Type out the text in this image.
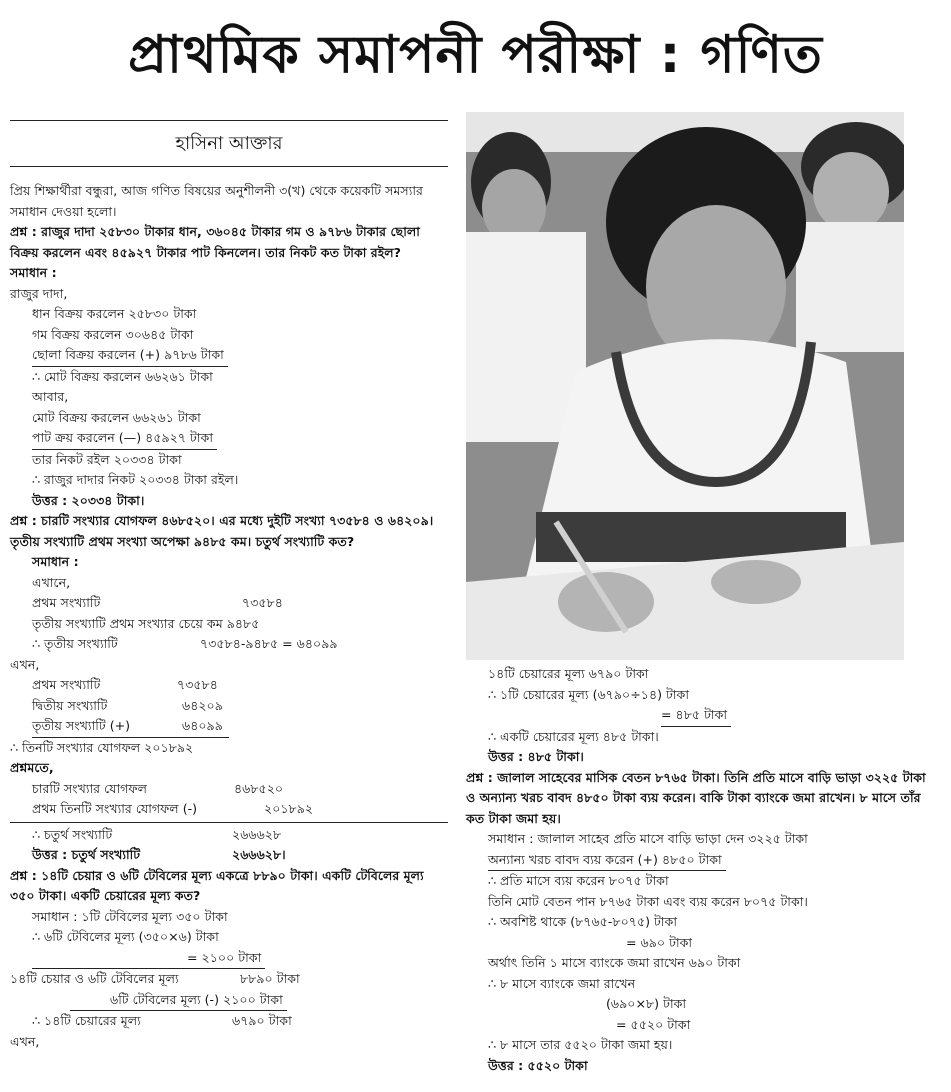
প্রাথমিক সমাপনী পরীক্ষা : গণিত
হাসিনা আক্তার
প্রিয় শিক্ষার্থীরা বন্ধুরা, আজ গণিত বিষয়ের অনুশীলনী ৩(খ) থেকে কয়েকটি সমস্যার সমাধান দেওয়া হলো।
প্রশ্ন : রাজুর দাদা ২৫৮৩০ টাকার ধান, ৩৬০৪৫ টাকার গম ও ৯৭৮৬ টাকার ছোলা বিক্রয় করলেন এবং ৪৫৯২৭ টাকার পাট কিনলেন। তার নিকট কত টাকা রইল?
সমাধান :
রাজুর দাদা,
ধান বিক্রয় করলেন ২৫৮৩০ টাকা
গম বিক্রয় করলেন ৩০৬৪৫ টাকা
ছোলা বিক্রয় করলেন (+) ৯৭৮৬ টাকা
∴ মোট বিক্রয় করলেন ৬৬২৬১ টাকা
আবার,
মোট বিক্রয় করলেন ৬৬২৬১ টাকা
পাট ক্রয় করলেন (—) ৪৫৯২৭ টাকা
তার নিকট রইল ২০৩৩৪ টাকা
∴ রাজুর দাদার নিকট ২০৩৩৪ টাকা রইল।
উত্তর : ২০৩৩৪ টাকা।
প্রশ্ন : চারটি সংখ্যার যোগফল ৪৬৮৫২০। এর মধ্যে দুইটি সংখ্যা ৭৩৫৮৪ ও ৬৪২০৯। তৃতীয় সংখ্যাটি প্রথম সংখ্যা অপেক্ষা ৯৪৮৫ কম। চতুর্থ সংখ্যাটি কত?
সমাধান :
এখানে,
প্রথম সংখ্যাটি	৭৩৫৮৪
তৃতীয় সংখ্যাটি প্রথম সংখ্যার চেয়ে কম ৯৪৮৫
∴ তৃতীয় সংখ্যাটি	৭৩৫৮৪-৯৪৮৫ = ৬৪০৯৯
এখন,
প্রথম সংখ্যাটি	৭৩৫৮৪
দ্বিতীয় সংখ্যাটি	৬৪২০৯
তৃতীয় সংখ্যাটি (+)	৬৪০৯৯
∴ তিনটি সংখ্যার যোগফল ২০১৮৯২
প্রশ্নমতে,
চারটি সংখ্যার যোগফল	৪৬৮৫২০
প্রথম তিনটি সংখ্যার যোগফল (-)	২০১৮৯২
∴ চতুর্থ সংখ্যাটি	২৬৬৬২৮
উত্তর : চতুর্থ সংখ্যাটি	২৬৬৬২৮।
প্রশ্ন : ১৪টি চেয়ার ও ৬টি টেবিলের মূল্য একত্রে ৮৮৯০ টাকা। একটি টেবিলের মূল্য ৩৫০ টাকা। একটি চেয়ারের মূল্য কত?
সমাধান : ১টি টেবিলের মূল্য ৩৫০ টাকা
∴ ৬টি টেবিলের মূল্য (৩৫০×৬) টাকা
= ২১০০ টাকা
১৪টি চেয়ার ও ৬টি টেবিলের মূল্য	৮৮৯০ টাকা
৬টি টেবিলের মূল্য (-) ২১০০ টাকা
∴ ১৪টি চেয়ারের মূল্য	৬৭৯০ টাকা
এখন,
১৪টি চেয়ারের মূল্য ৬৭৯০ টাকা
∴ ১টি চেয়ারের মূল্য (৬৭৯০÷১৪) টাকা
= ৪৮৫ টাকা
∴ একটি চেয়ারের মূল্য ৪৮৫ টাকা।
উত্তর : ৪৮৫ টাকা।
প্রশ্ন : জালাল সাহেবের মাসিক বেতন ৮৭৬৫ টাকা। তিনি প্রতি মাসে বাড়ি ভাড়া ৩২২৫ টাকা ও অন্যান্য খরচ বাবদ ৪৮৫০ টাকা ব্যয় করেন। বাকি টাকা ব্যাংকে জমা রাখেন। ৮ মাসে তাঁর কত টাকা জমা হয়।
সমাধান : জালাল সাহেব প্রতি মাসে বাড়ি ভাড়া দেন ৩২২৫ টাকা
অন্যান্য খরচ বাবদ ব্যয় করেন (+) ৪৮৫০ টাকা
∴ প্রতি মাসে ব্যয় করেন ৮০৭৫ টাকা
তিনি মোট বেতন পান ৮৭৬৫ টাকা এবং ব্যয় করেন ৮০৭৫ টাকা।
∴ অবশিষ্ট থাকে (৮৭৬৫-৮০৭৫) টাকা
= ৬৯০ টাকা
অর্থাৎ তিনি ১ মাসে ব্যাংকে জমা রাখেন ৬৯০ টাকা
∴ ৮ মাসে ব্যাংকে জমা রাখেন
(৬৯০×৮) টাকা
= ৫৫২০ টাকা
∴ ৮ মাসে তার ৫৫২০ টাকা জমা হয়।
উত্তর : ৫৫২০ টাকা
